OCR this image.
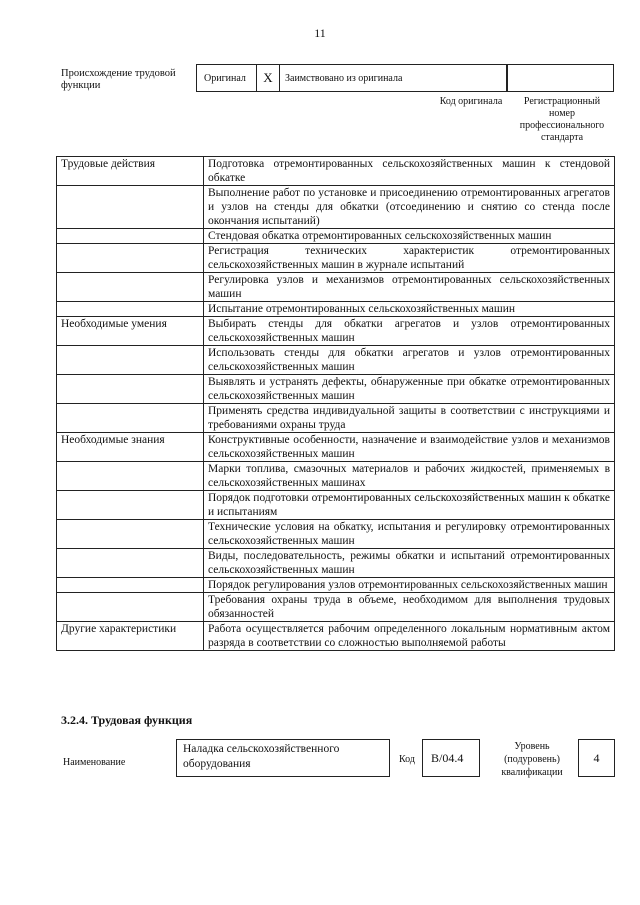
11
Происхождение трудовой функции
Оригинал	X	Заимствовано из оригинала
Код оригинала	Регистрационный номер профессионального стандарта
Трудовые действия	Подготовка отремонтированных сельскохозяйственных машин к стендовой обкатке
	Выполнение работ по установке и присоединению отремонтированных агрегатов и узлов на стенды для обкатки (отсоединению и снятию со стенда после окончания испытаний)
	Стендовая обкатка отремонтированных сельскохозяйственных машин
	Регистрация технических характеристик отремонтированных сельскохозяйственных машин в журнале испытаний
	Регулировка узлов и механизмов отремонтированных сельскохозяйственных машин
	Испытание отремонтированных сельскохозяйственных машин
Необходимые умения	Выбирать стенды для обкатки агрегатов и узлов отремонтированных сельскохозяйственных машин
	Использовать стенды для обкатки агрегатов и узлов отремонтированных сельскохозяйственных машин
	Выявлять и устранять дефекты, обнаруженные при обкатке отремонтированных сельскохозяйственных машин
	Применять средства индивидуальной защиты в соответствии с инструкциями и требованиями охраны труда
Необходимые знания	Конструктивные особенности, назначение и взаимодействие узлов и механизмов сельскохозяйственных машин
	Марки топлива, смазочных материалов и рабочих жидкостей, применяемых в сельскохозяйственных машинах
	Порядок подготовки отремонтированных сельскохозяйственных машин к обкатке и испытаниям
	Технические условия на обкатку, испытания и регулировку отремонтированных сельскохозяйственных машин
	Виды, последовательность, режимы обкатки и испытаний отремонтированных сельскохозяйственных машин
	Порядок регулирования узлов отремонтированных сельскохозяйственных машин
	Требования охраны труда в объеме, необходимом для выполнения трудовых обязанностей
Другие характеристики	Работа осуществляется рабочим определенного локальным нормативным актом разряда в соответствии со сложностью выполняемой работы
3.2.4. Трудовая функция
Наименование
Наладка сельскохозяйственного оборудования	Код	B/04.4
Уровень (подуровень) квалификации
4
